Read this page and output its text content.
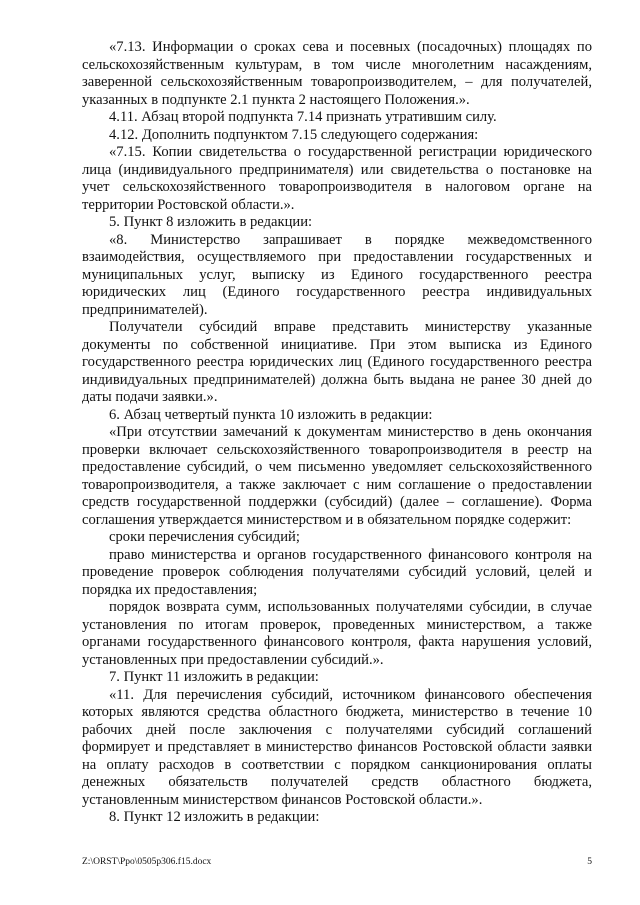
«7.13. Информации о сроках сева и посевных (посадочных) площадях по сельскохозяйственным культурам, в том числе многолетним насаждениям, заверенной сельскохозяйственным товаропроизводителем, – для получателей, указанных в подпункте 2.1 пункта 2 настоящего Положения.».

4.11. Абзац второй подпункта 7.14 признать утратившим силу.

4.12. Дополнить подпунктом 7.15 следующего содержания:

«7.15. Копии свидетельства о государственной регистрации юридического лица (индивидуального предпринимателя) или свидетельства о постановке на учет сельскохозяйственного товаропроизводителя в налоговом органе на территории Ростовской области.».

5. Пункт 8 изложить в редакции:

«8. Министерство запрашивает в порядке межведомственного взаимодействия, осуществляемого при предоставлении государственных и муниципальных услуг, выписку из Единого государственного реестра юридических лиц (Единого государственного реестра индивидуальных предпринимателей).

Получатели субсидий вправе представить министерству указанные документы по собственной инициативе. При этом выписка из Единого государственного реестра юридических лиц (Единого государственного реестра индивидуальных предпринимателей) должна быть выдана не ранее 30 дней до даты подачи заявки.».

6. Абзац четвертый пункта 10 изложить в редакции:

«При отсутствии замечаний к документам министерство в день окончания проверки включает сельскохозяйственного товаропроизводителя в реестр на предоставление субсидий, о чем письменно уведомляет сельскохозяйственного товаропроизводителя, а также заключает с ним соглашение о предоставлении средств государственной поддержки (субсидий) (далее – соглашение). Форма соглашения утверждается министерством и в обязательном порядке содержит:

сроки перечисления субсидий;

право министерства и органов государственного финансового контроля на проведение проверок соблюдения получателями субсидий условий, целей и порядка их предоставления;

порядок возврата сумм, использованных получателями субсидии, в случае установления по итогам проверок, проведенных министерством, а также органами государственного финансового контроля, факта нарушения условий, установленных при предоставлении субсидий.».

7. Пункт 11 изложить в редакции:

«11. Для перечисления субсидий, источником финансового обеспечения которых являются средства областного бюджета, министерство в течение 10 рабочих дней после заключения с получателями субсидий соглашений формирует и представляет в министерство финансов Ростовской области заявки на оплату расходов в соответствии с порядком санкционирования оплаты денежных обязательств получателей средств областного бюджета, установленным министерством финансов Ростовской области.».

8. Пункт 12 изложить в редакции:

Z:\ORST\Ppo\0505p306.f15.docx	5
